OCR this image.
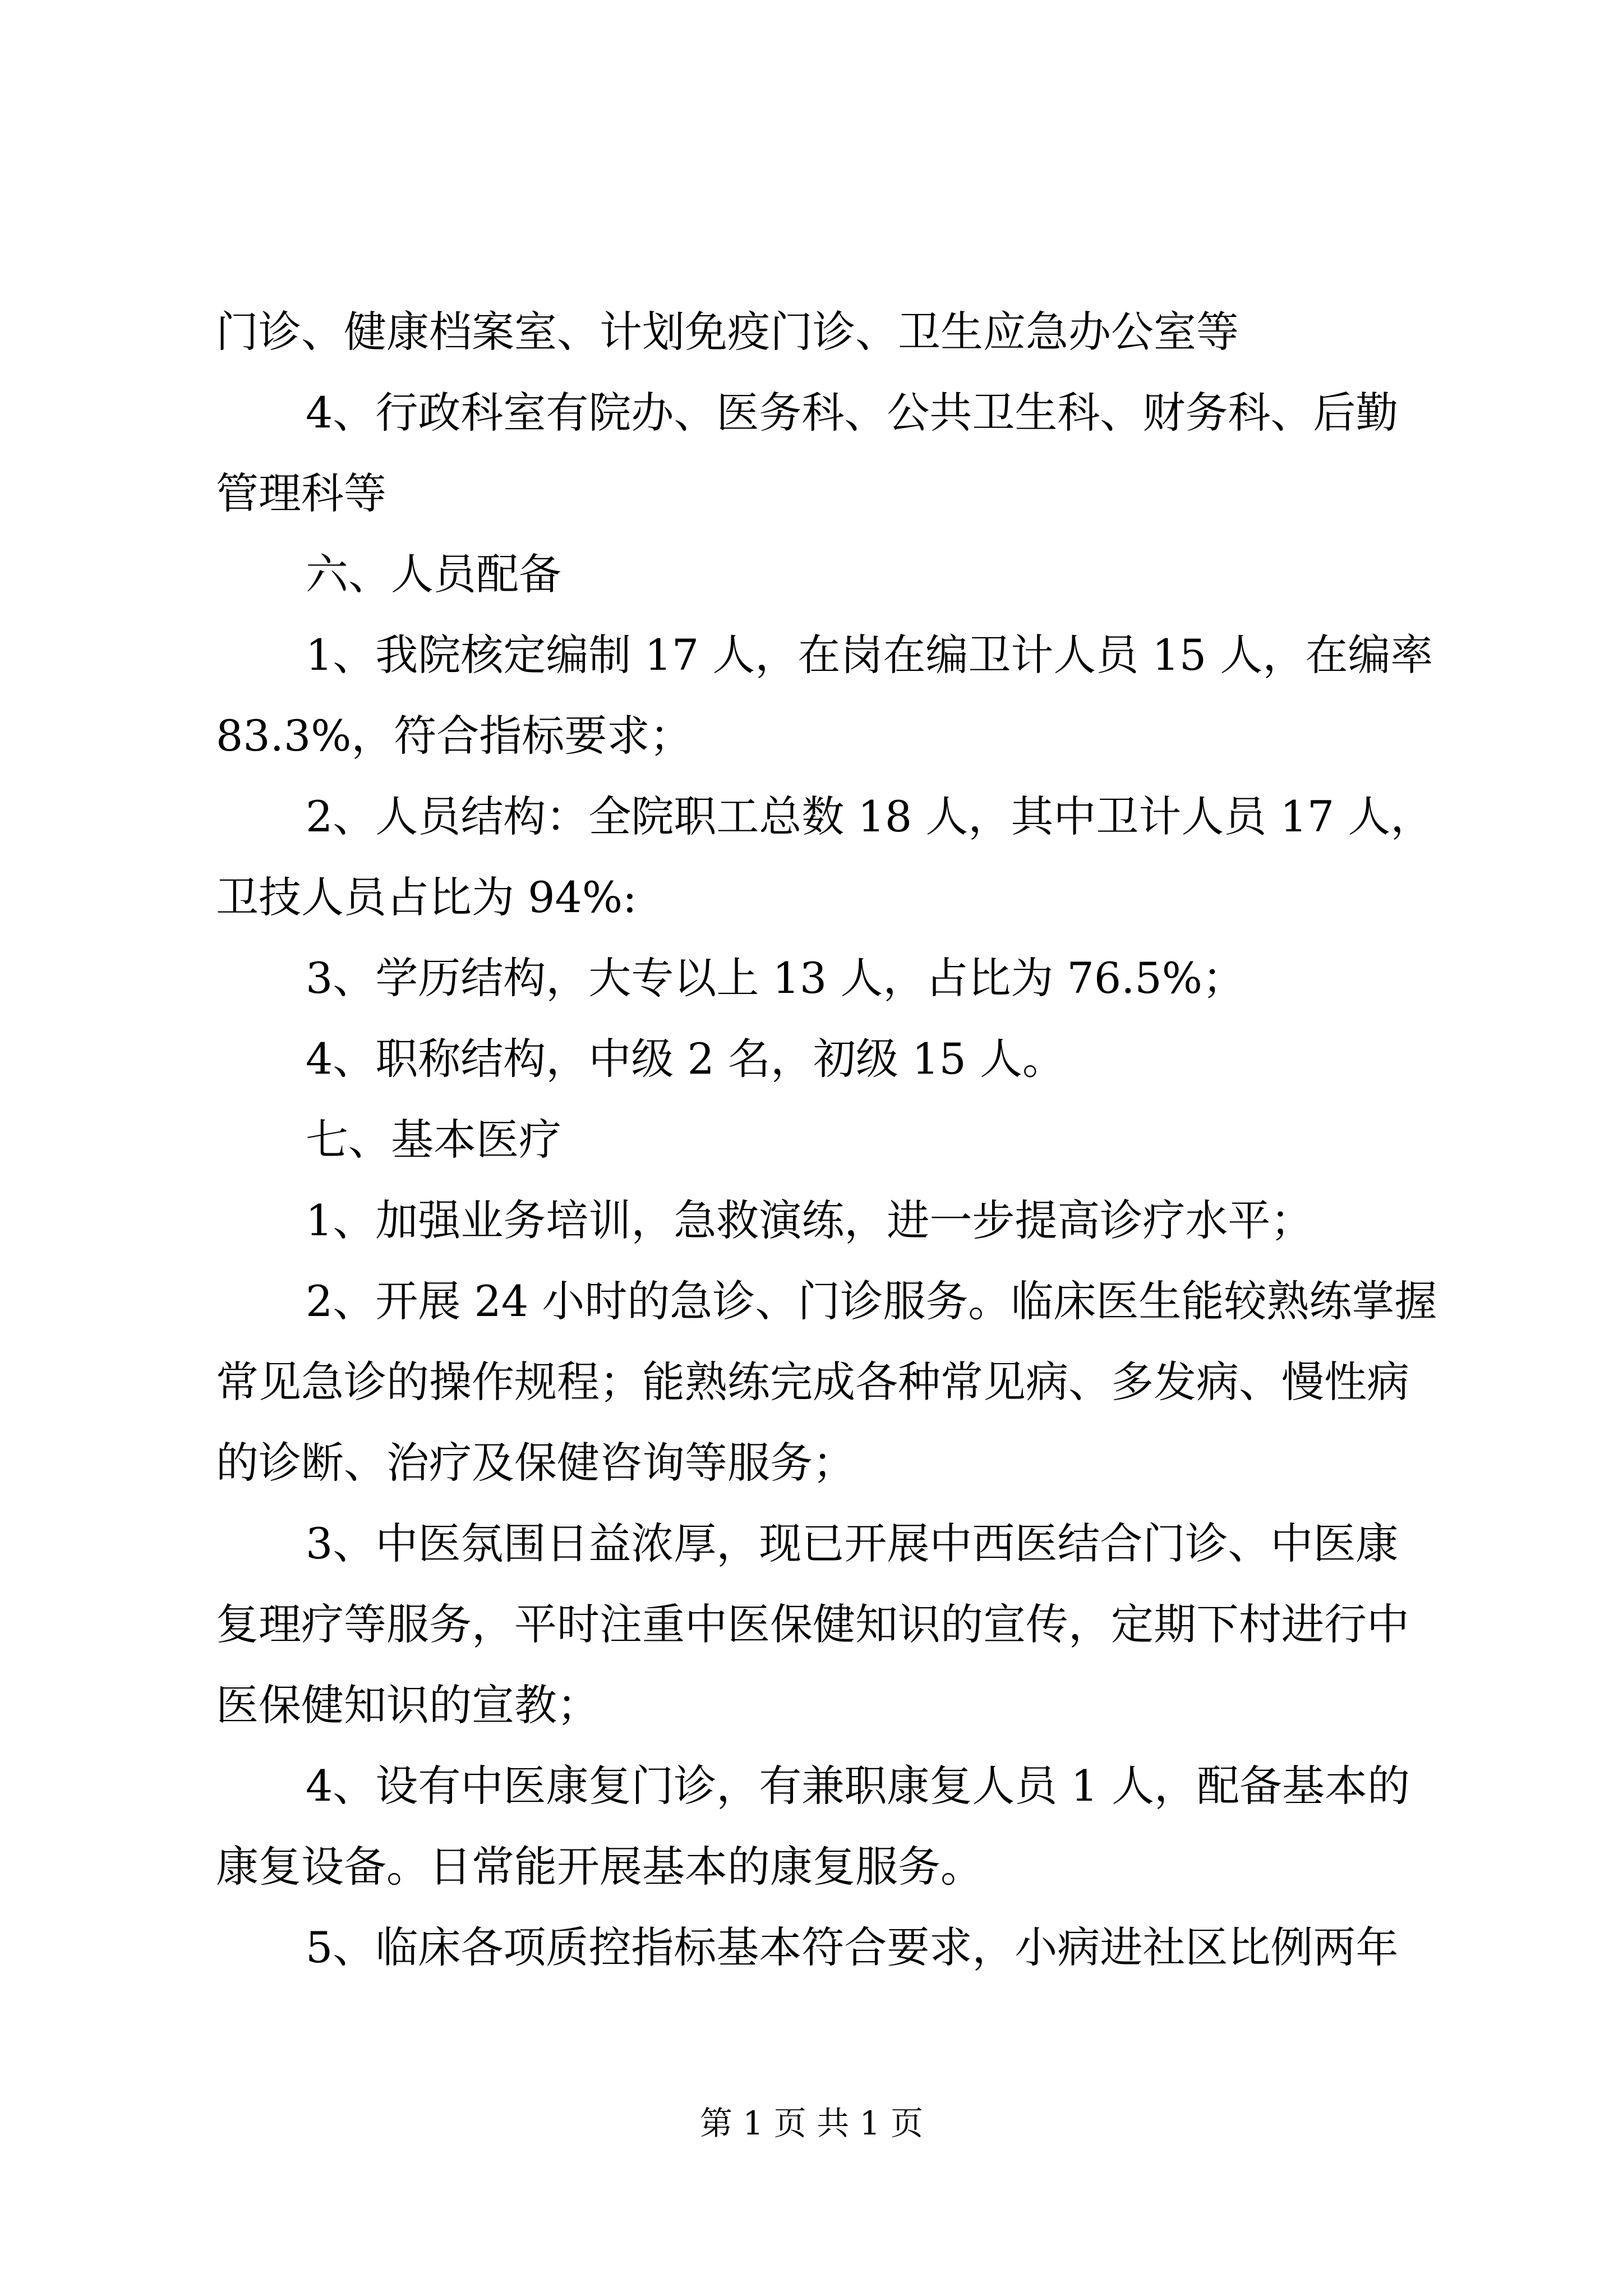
门诊、健康档案室、计划免疫门诊、卫生应急办公室等

4、行政科室有院办、医务科、公共卫生科、财务科、后勤

管理科等

六、人员配备

1、我院核定编制 17 人，在岗在编卫计人员 15 人，在编率

83.3%，符合指标要求；

2、人员结构：全院职工总数 18 人，其中卫计人员 17 人，

卫技人员占比为 94%:

3、学历结构，大专以上 13 人，占比为 76.5%；

4、职称结构，中级 2 名，初级 15 人。

七、基本医疗

1、加强业务培训，急救演练，进一步提高诊疗水平；

2、开展 24 小时的急诊、门诊服务。临床医生能较熟练掌握

常见急诊的操作规程；能熟练完成各种常见病、多发病、慢性病

的诊断、治疗及保健咨询等服务；

3、中医氛围日益浓厚，现已开展中西医结合门诊、中医康

复理疗等服务，平时注重中医保健知识的宣传，定期下村进行中

医保健知识的宣教；

4、设有中医康复门诊，有兼职康复人员 1 人，配备基本的

康复设备。日常能开展基本的康复服务。

5、临床各项质控指标基本符合要求，小病进社区比例两年

第 1 页 共 1 页
